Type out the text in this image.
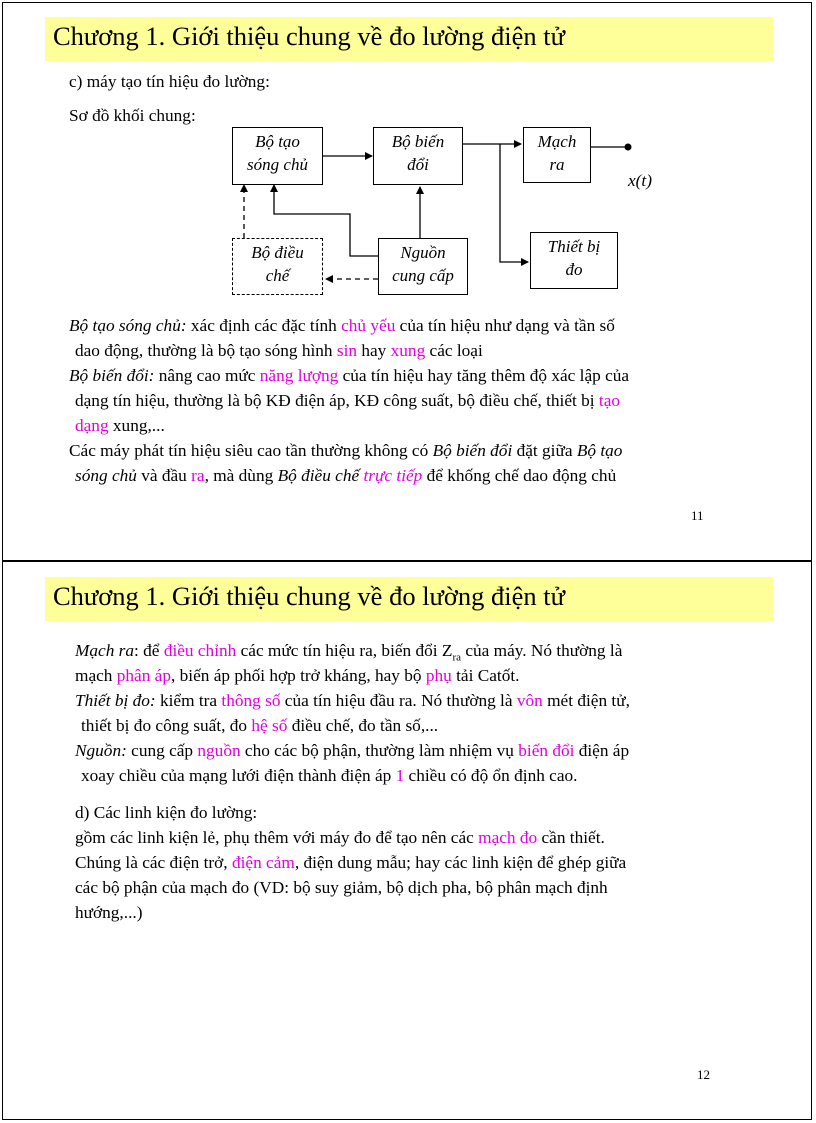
Chương 1. Giới thiệu chung về đo lường điện tử
c) máy tạo tín hiệu đo lường:
Sơ đồ khối chung:
Bộ tạo
sóng chủ
Bộ biến
đổi
Mạch
ra
Bộ điều
chế
Nguồn
cung cấp
Thiết bị
đo
x(t)
Bộ tạo sóng chủ: xác định các đặc tính chủ yếu của tín hiệu như dạng và tần số
dao động, thường là bộ tạo sóng hình sin hay xung các loại
Bộ biến đổi: nâng cao mức năng lượng của tín hiệu hay tăng thêm độ xác lập của
dạng tín hiệu, thường là bộ KĐ điện áp, KĐ công suất, bộ điều chế, thiết bị tạo
dạng xung,...
Các máy phát tín hiệu siêu cao tần thường không có Bộ biến đổi đặt giữa Bộ tạo
sóng chủ và đầu ra, mà dùng Bộ điều chế trực tiếp để khống chế dao động chủ
11
Chương 1. Giới thiệu chung về đo lường điện tử
Mạch ra: để điều chỉnh các mức tín hiệu ra, biến đổi $Z_{ra}$ của máy. Nó thường là
mạch phân áp, biến áp phối hợp trở kháng, hay bộ phụ tải Catốt.
Thiết bị đo: kiểm tra thông số của tín hiệu đầu ra. Nó thường là vôn mét điện tử,
thiết bị đo công suất, đo hệ số điều chế, đo tần số,...
Nguồn: cung cấp nguồn cho các bộ phận, thường làm nhiệm vụ biến đổi điện áp
xoay chiều của mạng lưới điện thành điện áp 1 chiều có độ ổn định cao.
d) Các linh kiện đo lường:
gồm các linh kiện lẻ, phụ thêm với máy đo để tạo nên các mạch đo cần thiết.
Chúng là các điện trở, điện cảm, điện dung mẫu; hay các linh kiện để ghép giữa
các bộ phận của mạch đo (VD: bộ suy giảm, bộ dịch pha, bộ phân mạch định
hướng,...)
12
